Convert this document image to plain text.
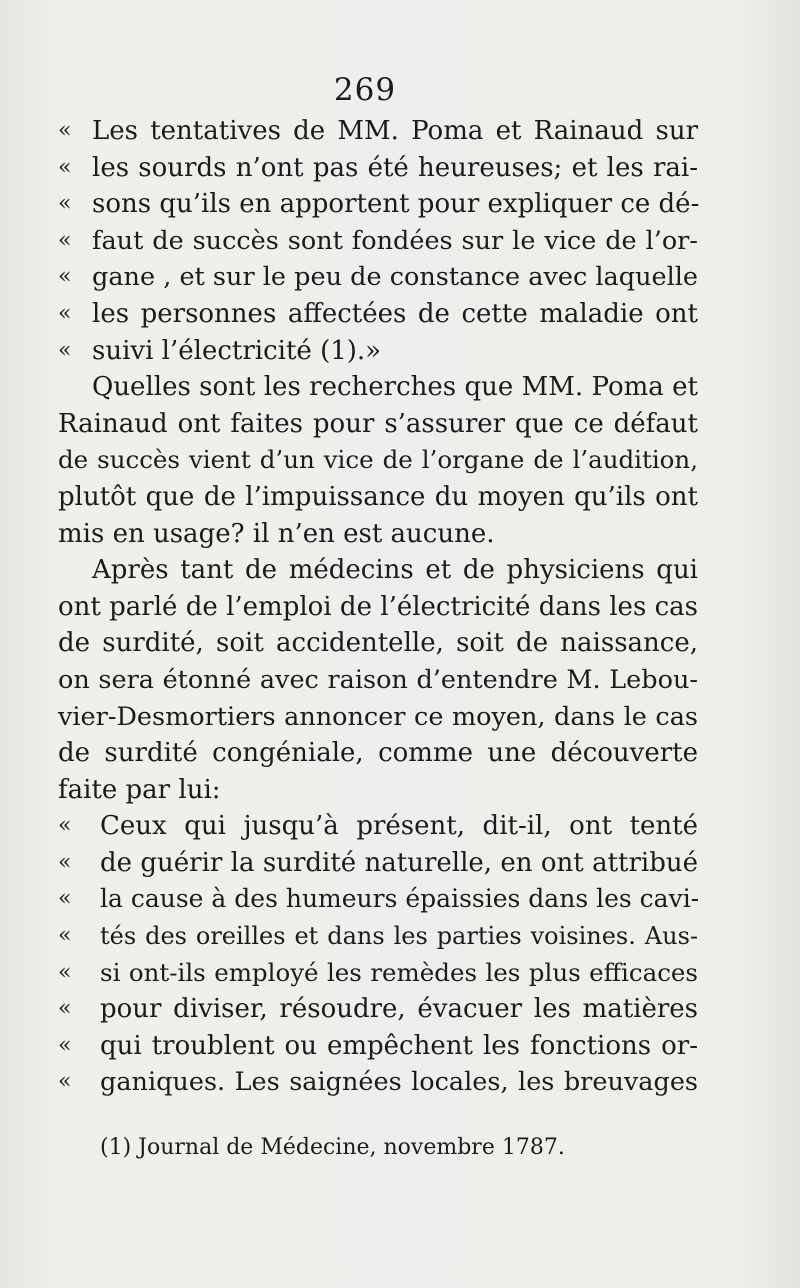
269
« Les tentatives de MM. Poma et Rainaud sur
« les sourds n’ont pas été heureuses; et les rai-
« sons qu’ils en apportent pour expliquer ce dé-
« faut de succès sont fondées sur le vice de l’or-
« gane , et sur le peu de constance avec laquelle
« les personnes affectées de cette maladie ont
« suivi l’électricité (1).»
Quelles sont les recherches que MM. Poma et
Rainaud ont faites pour s’assurer que ce défaut
de succès vient d’un vice de l’organe de l’audition,
plutôt que de l’impuissance du moyen qu’ils ont
mis en usage? il n’en est aucune.
Après tant de médecins et de physiciens qui
ont parlé de l’emploi de l’électricité dans les cas
de surdité, soit accidentelle, soit de naissance,
on sera étonné avec raison d’entendre M. Lebou-
vier-Desmortiers annoncer ce moyen, dans le cas
de surdité congéniale, comme une découverte
faite par lui:
«	Ceux qui jusqu’à présent, dit-il, ont tenté
«	de guérir la surdité naturelle, en ont attribué
«	la cause à des humeurs épaissies dans les cavi-
«	tés des oreilles et dans les parties voisines. Aus-
«	si ont-ils employé les remèdes les plus efficaces
«	pour diviser, résoudre, évacuer les matières
«	qui troublent ou empêchent les fonctions or-
«	ganiques. Les saignées locales, les breuvages
(1) Journal de Médecine, novembre 1787.
